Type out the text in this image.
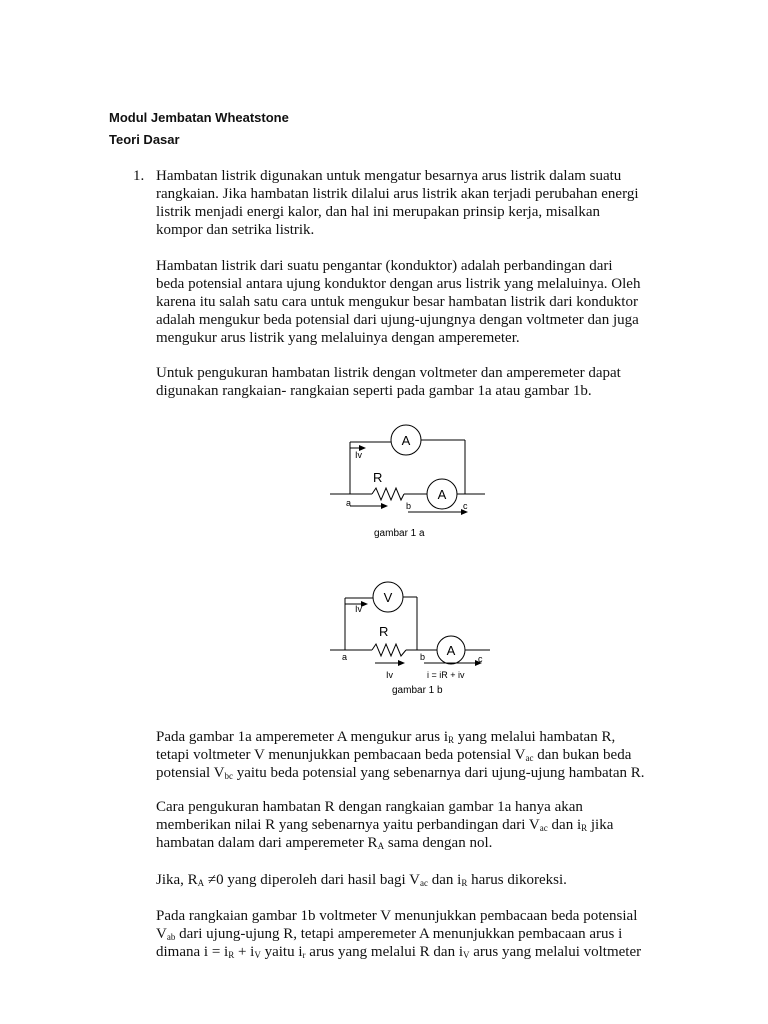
Modul Jembatan Wheatstone
Teori Dasar
1. Hambatan listrik digunakan untuk mengatur besarnya arus listrik dalam suatu
rangkaian. Jika hambatan listrik dilalui arus listrik akan terjadi perubahan energi
listrik menjadi energi kalor, dan hal ini merupakan prinsip kerja, misalkan
kompor dan setrika listrik.
Hambatan listrik dari suatu pengantar (konduktor) adalah perbandingan dari
beda potensial antara ujung konduktor dengan arus listrik yang melaluinya. Oleh
karena itu salah satu cara untuk mengukur besar hambatan listrik dari konduktor
adalah mengukur beda potensial dari ujung-ujungnya dengan voltmeter dan juga
mengukur arus listrik yang melaluinya dengan amperemeter.
Untuk pengukuran hambatan listrik dengan voltmeter dan amperemeter dapat
digunakan rangkaian- rangkaian seperti pada gambar 1a atau gambar 1b.
A
A
Iv
R
a	b	c
gambar 1 a
V
A
Iv
R
a	b	c
Iv	i = iR + iv
gambar 1 b
Pada gambar 1a amperemeter A mengukur arus $i_R$ yang melalui hambatan R,
tetapi voltmeter V menunjukkan pembacaan beda potensial $V_{ac}$ dan bukan beda
potensial $V_{bc}$ yaitu beda potensial yang sebenarnya dari ujung-ujung hambatan R.
Cara pengukuran hambatan R dengan rangkaian gambar 1a hanya akan
memberikan nilai R yang sebenarnya yaitu perbandingan dari $V_{ac}$ dan $i_R$ jika
hambatan dalam dari amperemeter $R_A$ sama dengan nol.
Jika, $R_A \ne 0$ yang diperoleh dari hasil bagi $V_{ac}$ dan $i_R$ harus dikoreksi.
Pada rangkaian gambar 1b voltmeter V menunjukkan pembacaan beda potensial
$V_{ab}$ dari ujung-ujung R, tetapi amperemeter A menunjukkan pembacaan arus i
dimana $i = i_R + i_V$ yaitu $i_r$ arus yang melalui R dan $i_V$ arus yang melalui voltmeter
